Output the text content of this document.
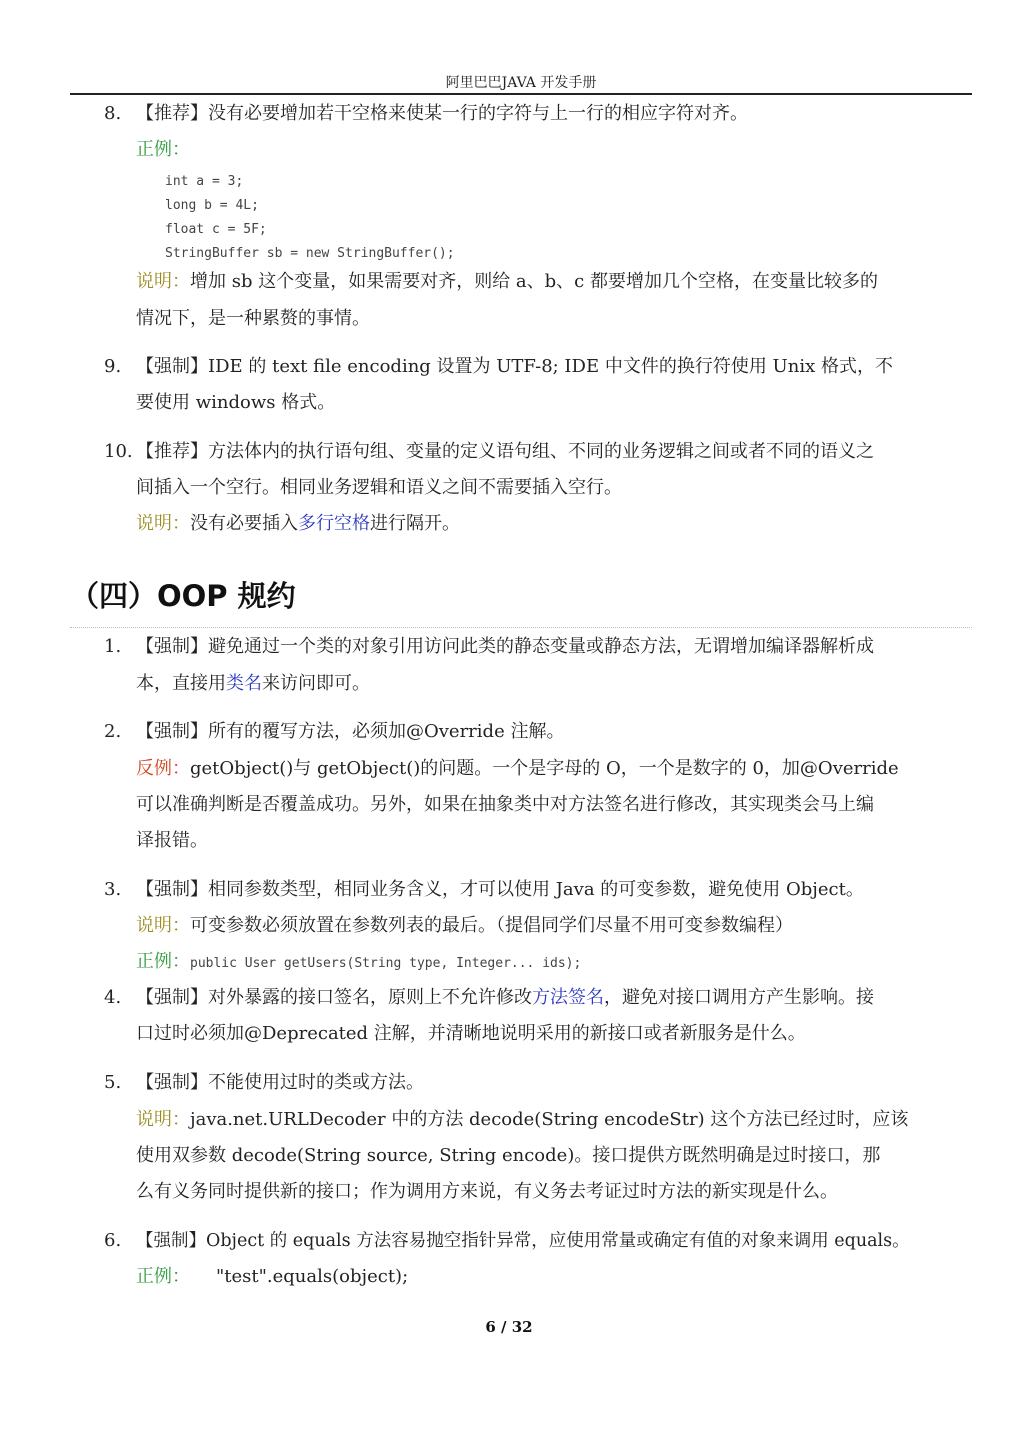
阿里巴巴JAVA 开发手册
8. 【推荐】没有必要增加若干空格来使某一行的字符与上一行的相应字符对齐。
正例：
int a = 3;
long b = 4L;
float c = 5F;
StringBuffer sb = new StringBuffer();
说明：增加 sb 这个变量，如果需要对齐，则给 a、b、c 都要增加几个空格，在变量比较多的
情况下，是一种累赘的事情。
9. 【强制】IDE 的 text file encoding 设置为 UTF-8; IDE 中文件的换行符使用 Unix 格式，不
要使用 windows 格式。
10. 【推荐】方法体内的执行语句组、变量的定义语句组、不同的业务逻辑之间或者不同的语义之
间插入一个空行。相同业务逻辑和语义之间不需要插入空行。
说明：没有必要插入多行空格进行隔开。
（四）OOP 规约
1. 【强制】避免通过一个类的对象引用访问此类的静态变量或静态方法，无谓增加编译器解析成
本，直接用类名来访问即可。
2. 【强制】所有的覆写方法，必须加@Override 注解。
反例：getObject()与 getObject()的问题。一个是字母的 O，一个是数字的 0，加@Override
可以准确判断是否覆盖成功。另外，如果在抽象类中对方法签名进行修改，其实现类会马上编
译报错。
3. 【强制】相同参数类型，相同业务含义，才可以使用 Java 的可变参数，避免使用 Object。
说明：可变参数必须放置在参数列表的最后。（提倡同学们尽量不用可变参数编程）
正例：public User getUsers(String type, Integer... ids);
4. 【强制】对外暴露的接口签名，原则上不允许修改方法签名，避免对接口调用方产生影响。接
口过时必须加@Deprecated 注解，并清晰地说明采用的新接口或者新服务是什么。
5. 【强制】不能使用过时的类或方法。
说明：java.net.URLDecoder 中的方法 decode(String encodeStr) 这个方法已经过时，应该
使用双参数 decode(String source, String encode)。接口提供方既然明确是过时接口，那
么有义务同时提供新的接口；作为调用方来说，有义务去考证过时方法的新实现是什么。
6. 【强制】Object 的 equals 方法容易抛空指针异常，应使用常量或确定有值的对象来调用 equals。
正例： "test".equals(object);
6 / 32
